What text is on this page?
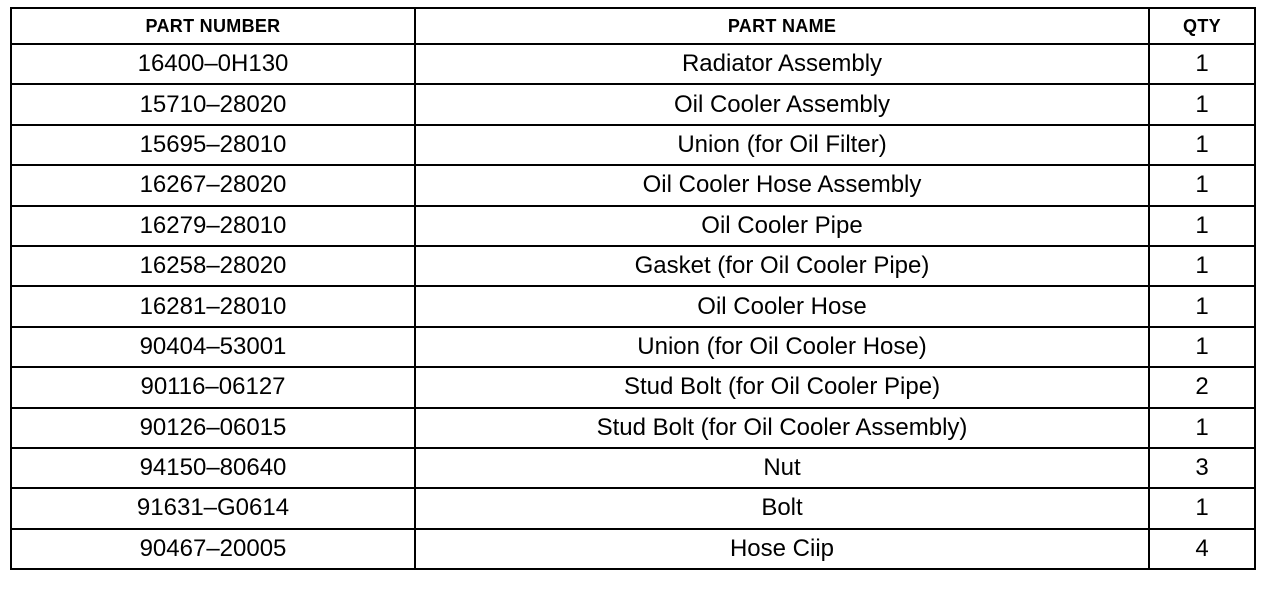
PART NUMBER	PART NAME	QTY
16400–0H130	Radiator Assembly	1
15710–28020	Oil Cooler Assembly	1
15695–28010	Union (for Oil Filter)	1
16267–28020	Oil Cooler Hose Assembly	1
16279–28010	Oil Cooler Pipe	1
16258–28020	Gasket (for Oil Cooler Pipe)	1
16281–28010	Oil Cooler Hose	1
90404–53001	Union (for Oil Cooler Hose)	1
90116–06127	Stud Bolt (for Oil Cooler Pipe)	2
90126–06015	Stud Bolt (for Oil Cooler Assembly)	1
94150–80640	Nut	3
91631–G0614	Bolt	1
90467–20005	Hose Ciip	4
